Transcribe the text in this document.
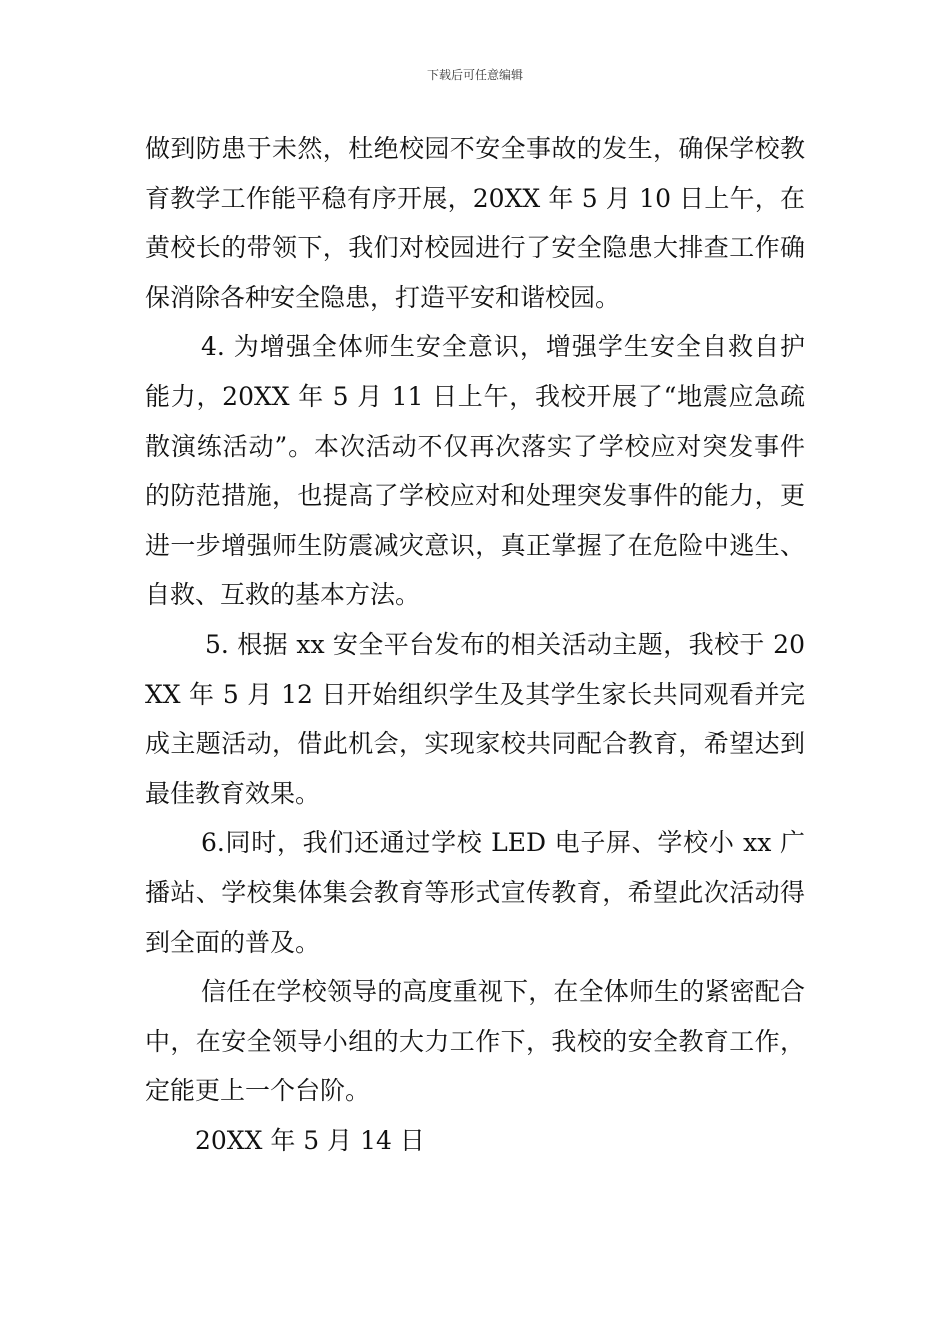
下载后可任意编辑

做到防患于未然，杜绝校园不安全事故的发生，确保学校教育教学工作能平稳有序开展，20XX 年 5 月 10 日上午，在黄校长的带领下，我们对校园进行了安全隐患大排查工作确保消除各种安全隐患，打造平安和谐校园。

4. 为增强全体师生安全意识，增强学生安全自救自护能力，20XX 年 5 月 11 日上午，我校开展了“地震应急疏散演练活动”。本次活动不仅再次落实了学校应对突发事件的防范措施，也提高了学校应对和处理突发事件的能力，更进一步增强师生防震减灾意识，真正掌握了在危险中逃生、自救、互救的基本方法。

5. 根据 xx 安全平台发布的相关活动主题，我校于 20XX 年 5 月 12 日开始组织学生及其学生家长共同观看并完成主题活动，借此机会，实现家校共同配合教育，希望达到最佳教育效果。

6.同时，我们还通过学校 LED 电子屏、学校小 xx 广播站、学校集体集会教育等形式宣传教育，希望此次活动得到全面的普及。

信任在学校领导的高度重视下，在全体师生的紧密配合中，在安全领导小组的大力工作下，我校的安全教育工作，定能更上一个台阶。

20XX 年 5 月 14 日
